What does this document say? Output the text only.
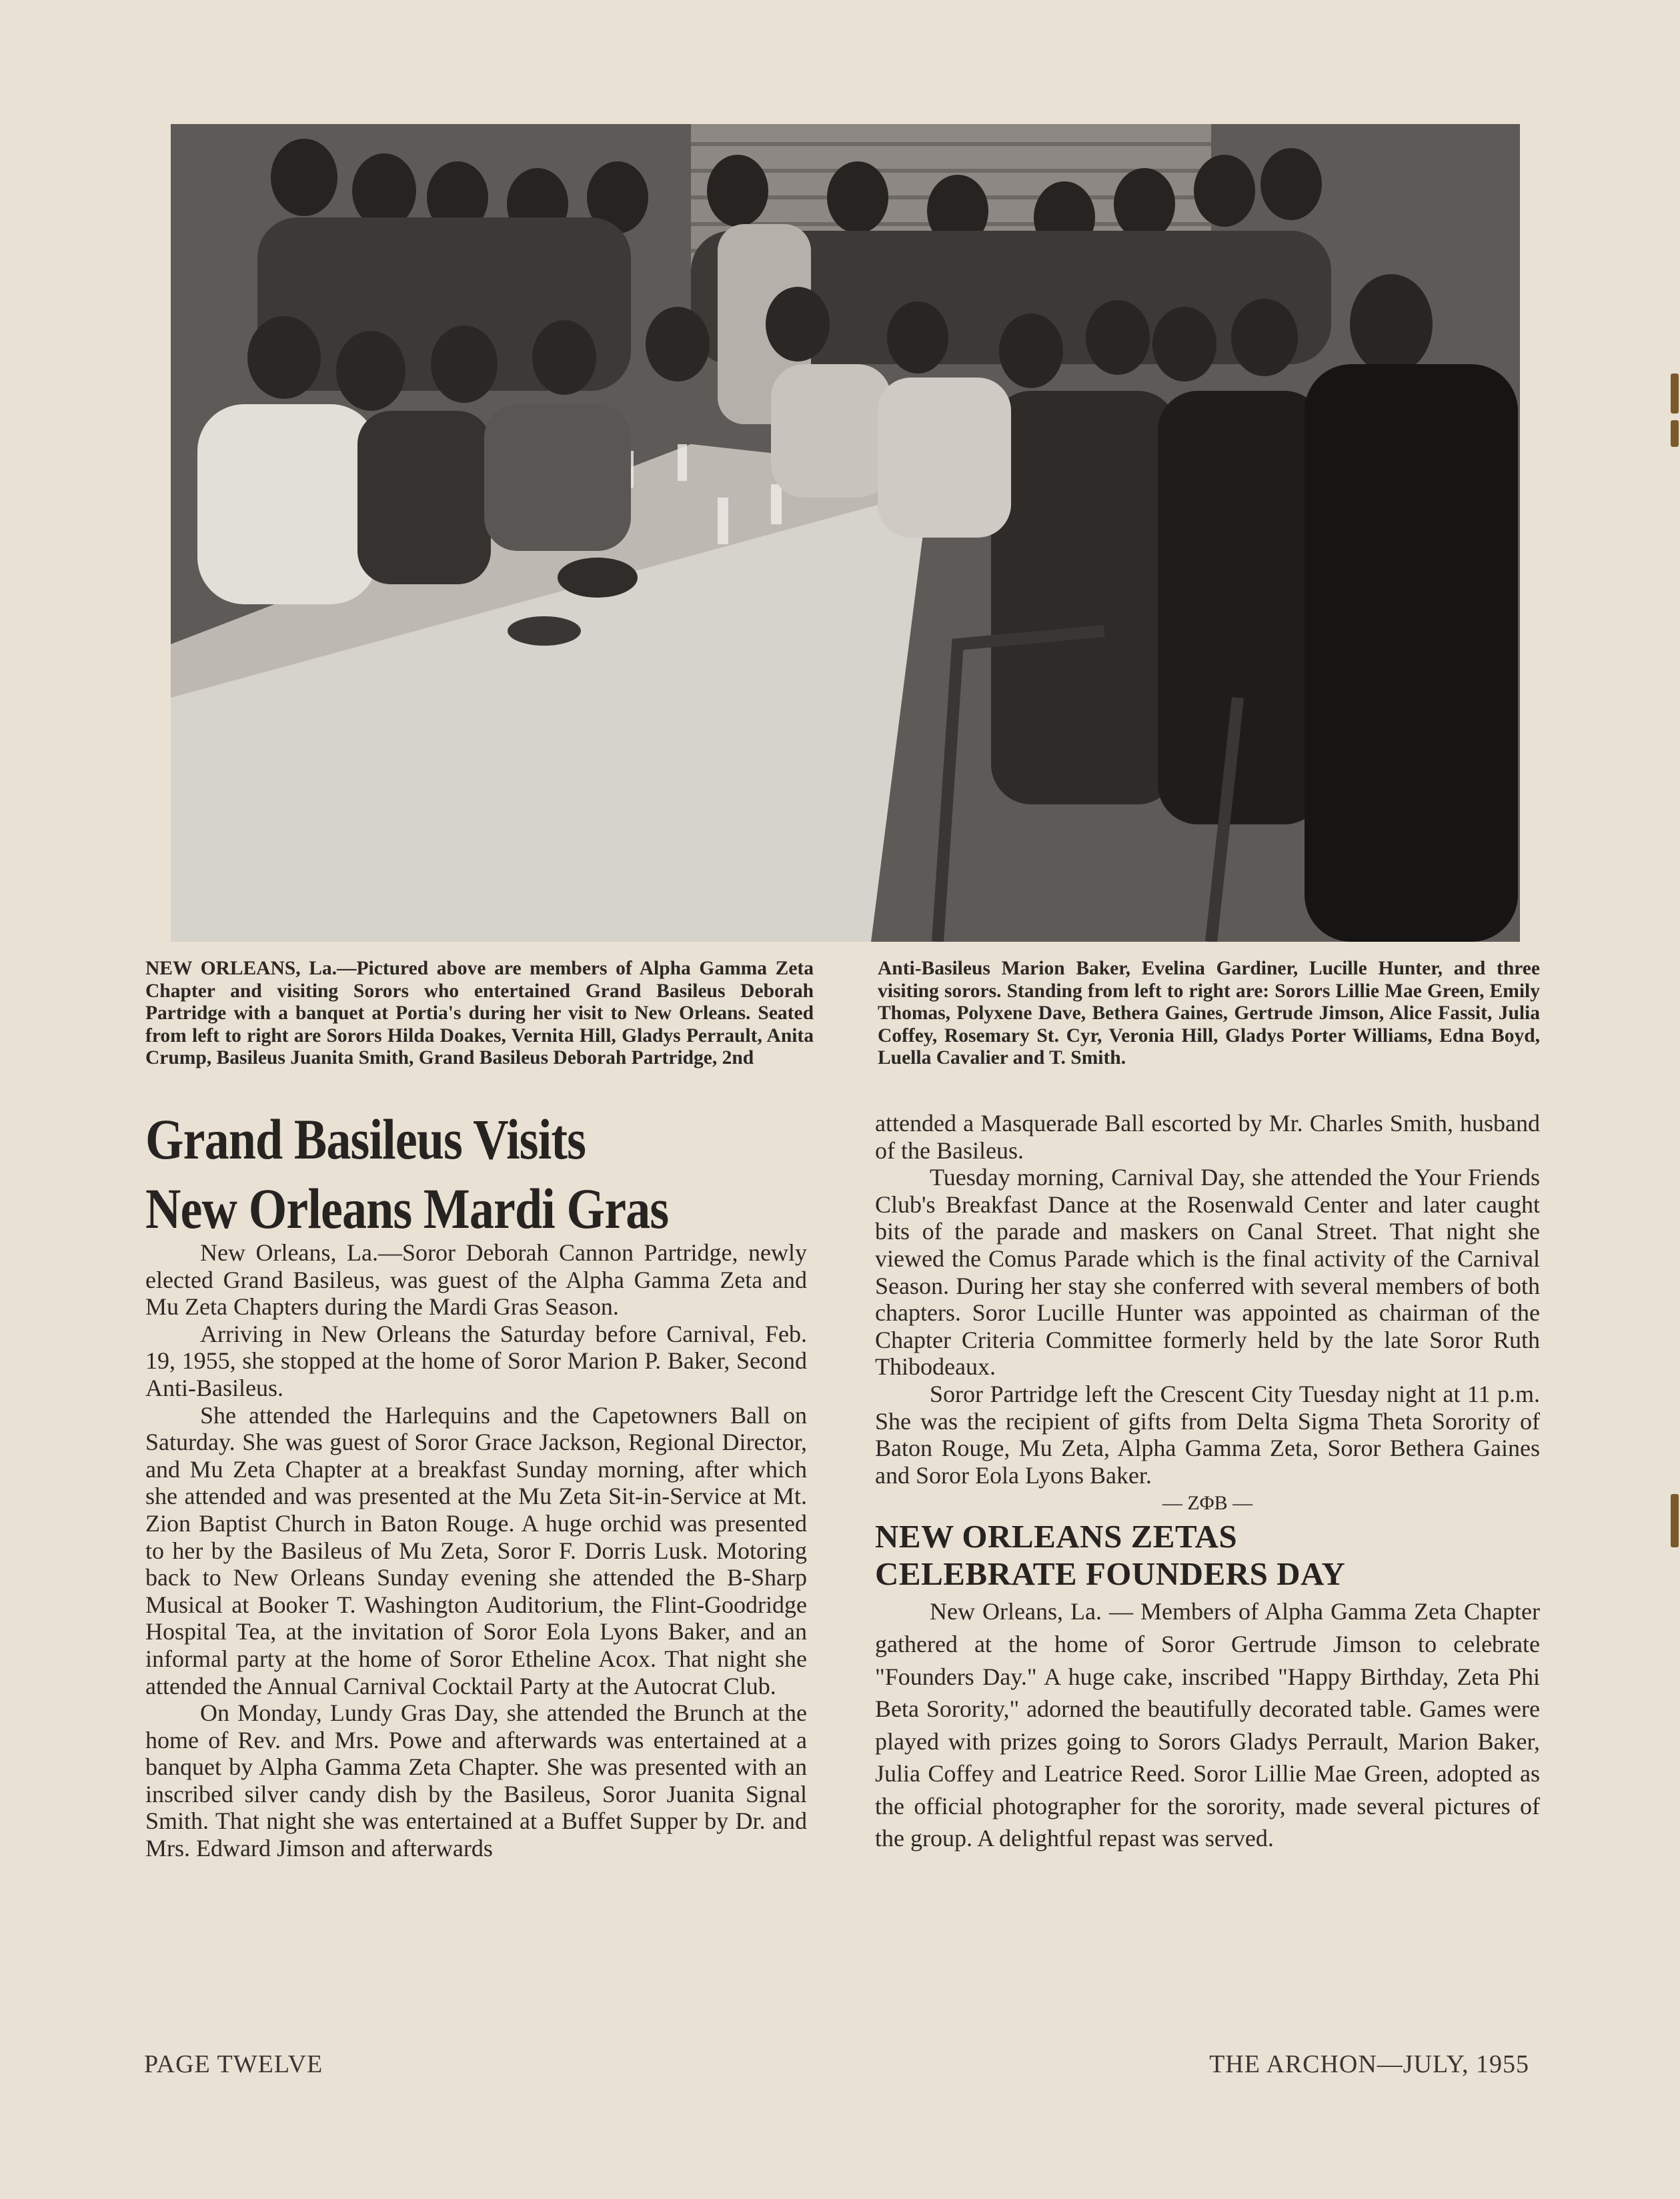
NEW ORLEANS, La.—Pictured above are members of Alpha Gamma Zeta Chapter and visiting Sorors who entertained Grand Basileus Deborah Partridge with a banquet at Portia's during her visit to New Orleans. Seated from left to right are Sorors Hilda Doakes, Vernita Hill, Gladys Perrault, Anita Crump, Basileus Juanita Smith, Grand Basileus Deborah Partridge, 2nd
Anti-Basileus Marion Baker, Evelina Gardiner, Lucille Hunter, and three visiting sorors. Standing from left to right are: Sorors Lillie Mae Green, Emily Thomas, Polyxene Dave, Bethera Gaines, Gertrude Jimson, Alice Fassit, Julia Coffey, Rosemary St. Cyr, Veronia Hill, Gladys Porter Williams, Edna Boyd, Luella Cavalier and T. Smith.
Grand Basileus Visits
New Orleans Mardi Gras

New Orleans, La.—Soror Deborah Cannon Partridge, newly elected Grand Basileus, was guest of the Alpha Gamma Zeta and Mu Zeta Chapters during the Mardi Gras Season.

Arriving in New Orleans the Saturday before Carnival, Feb. 19, 1955, she stopped at the home of Soror Marion P. Baker, Second Anti-Basileus.

She attended the Harlequins and the Capetowners Ball on Saturday. She was guest of Soror Grace Jackson, Regional Director, and Mu Zeta Chapter at a breakfast Sunday morning, after which she attended and was presented at the Mu Zeta Sit-in-Service at Mt. Zion Baptist Church in Baton Rouge. A huge orchid was presented to her by the Basileus of Mu Zeta, Soror F. Dorris Lusk. Motoring back to New Orleans Sunday evening she attended the B-Sharp Musical at Booker T. Washington Auditorium, the Flint-Goodridge Hospital Tea, at the invitation of Soror Eola Lyons Baker, and an informal party at the home of Soror Etheline Acox. That night she attended the Annual Carnival Cocktail Party at the Autocrat Club.

On Monday, Lundy Gras Day, she attended the Brunch at the home of Rev. and Mrs. Powe and afterwards was entertained at a banquet by Alpha Gamma Zeta Chapter. She was presented with an inscribed silver candy dish by the Basileus, Soror Juanita Signal Smith. That night she was entertained at a Buffet Supper by Dr. and Mrs. Edward Jimson and afterwards

attended a Masquerade Ball escorted by Mr. Charles Smith, husband of the Basileus.

Tuesday morning, Carnival Day, she attended the Your Friends Club's Breakfast Dance at the Rosenwald Center and later caught bits of the parade and maskers on Canal Street. That night she viewed the Comus Parade which is the final activity of the Carnival Season. During her stay she conferred with several members of both chapters. Soror Lucille Hunter was appointed as chairman of the Chapter Criteria Committee formerly held by the late Soror Ruth Thibodeaux.

Soror Partridge left the Crescent City Tuesday night at 11 p.m. She was the recipient of gifts from Delta Sigma Theta Sorority of Baton Rouge, Mu Zeta, Alpha Gamma Zeta, Soror Bethera Gaines and Soror Eola Lyons Baker.

— ZΦB —
NEW ORLEANS ZETAS
CELEBRATE FOUNDERS DAY

New Orleans, La. — Members of Alpha Gamma Zeta Chapter gathered at the home of Soror Gertrude Jimson to celebrate "Founders Day." A huge cake, inscribed "Happy Birthday, Zeta Phi Beta Sorority," adorned the beautifully decorated table. Games were played with prizes going to Sorors Gladys Perrault, Marion Baker, Julia Coffey and Leatrice Reed. Soror Lillie Mae Green, adopted as the official photographer for the sorority, made several pictures of the group. A delightful repast was served.

PAGE TWELVE	THE ARCHON—JULY, 1955
